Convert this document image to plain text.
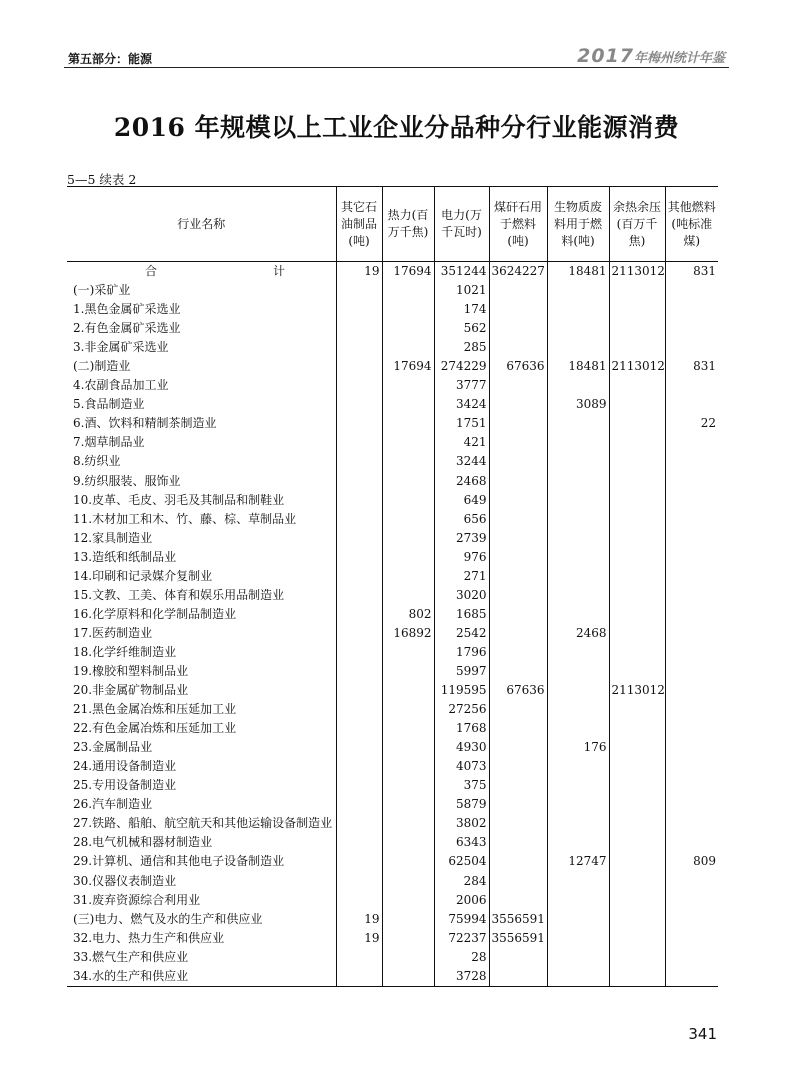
第五部分：能源	2017年梅州统计年鉴
2016 年规模以上工业企业分品种分行业能源消费
5—5 续表 2
行业名称	其它石油制品(吨)	热力(百万千焦)	电力(万千瓦时)	煤矸石用于燃料(吨)	生物质废料用于燃料(吨)	余热余压(百万千焦)	其他燃料(吨标准煤)

合 计	19	17694	351244	3624227	18481	2113012	831
(一)采矿业			1021				
1.黑色金属矿采选业			174				
2.有色金属矿采选业			562				
3.非金属矿采选业			285				
(二)制造业		17694	274229	67636	18481	2113012	831
4.农副食品加工业			3777				
5.食品制造业			3424		3089		
6.酒、饮料和精制茶制造业			1751				22
7.烟草制品业			421				
8.纺织业			3244				
9.纺织服装、服饰业			2468				
10.皮革、毛皮、羽毛及其制品和制鞋业			649				
11.木材加工和木、竹、藤、棕、草制品业			656				
12.家具制造业			2739				
13.造纸和纸制品业			976				
14.印刷和记录媒介复制业			271				
15.文教、工美、体育和娱乐用品制造业			3020				
16.化学原料和化学制品制造业		802	1685				
17.医药制造业		16892	2542		2468		
18.化学纤维制造业			1796				
19.橡胶和塑料制品业			5997				
20.非金属矿物制品业			119595	67636		2113012	
21.黑色金属冶炼和压延加工业			27256				
22.有色金属冶炼和压延加工业			1768				
23.金属制品业			4930		176		
24.通用设备制造业			4073				
25.专用设备制造业			375				
26.汽车制造业			5879				
27.铁路、船舶、航空航天和其他运输设备制造业			3802				
28.电气机械和器材制造业			6343				
29.计算机、通信和其他电子设备制造业			62504		12747		809
30.仪器仪表制造业			284				
31.废弃资源综合利用业			2006				
(三)电力、燃气及水的生产和供应业	19		75994	3556591			
32.电力、热力生产和供应业	19		72237	3556591			
33.燃气生产和供应业			28				
34.水的生产和供应业			3728				
341
